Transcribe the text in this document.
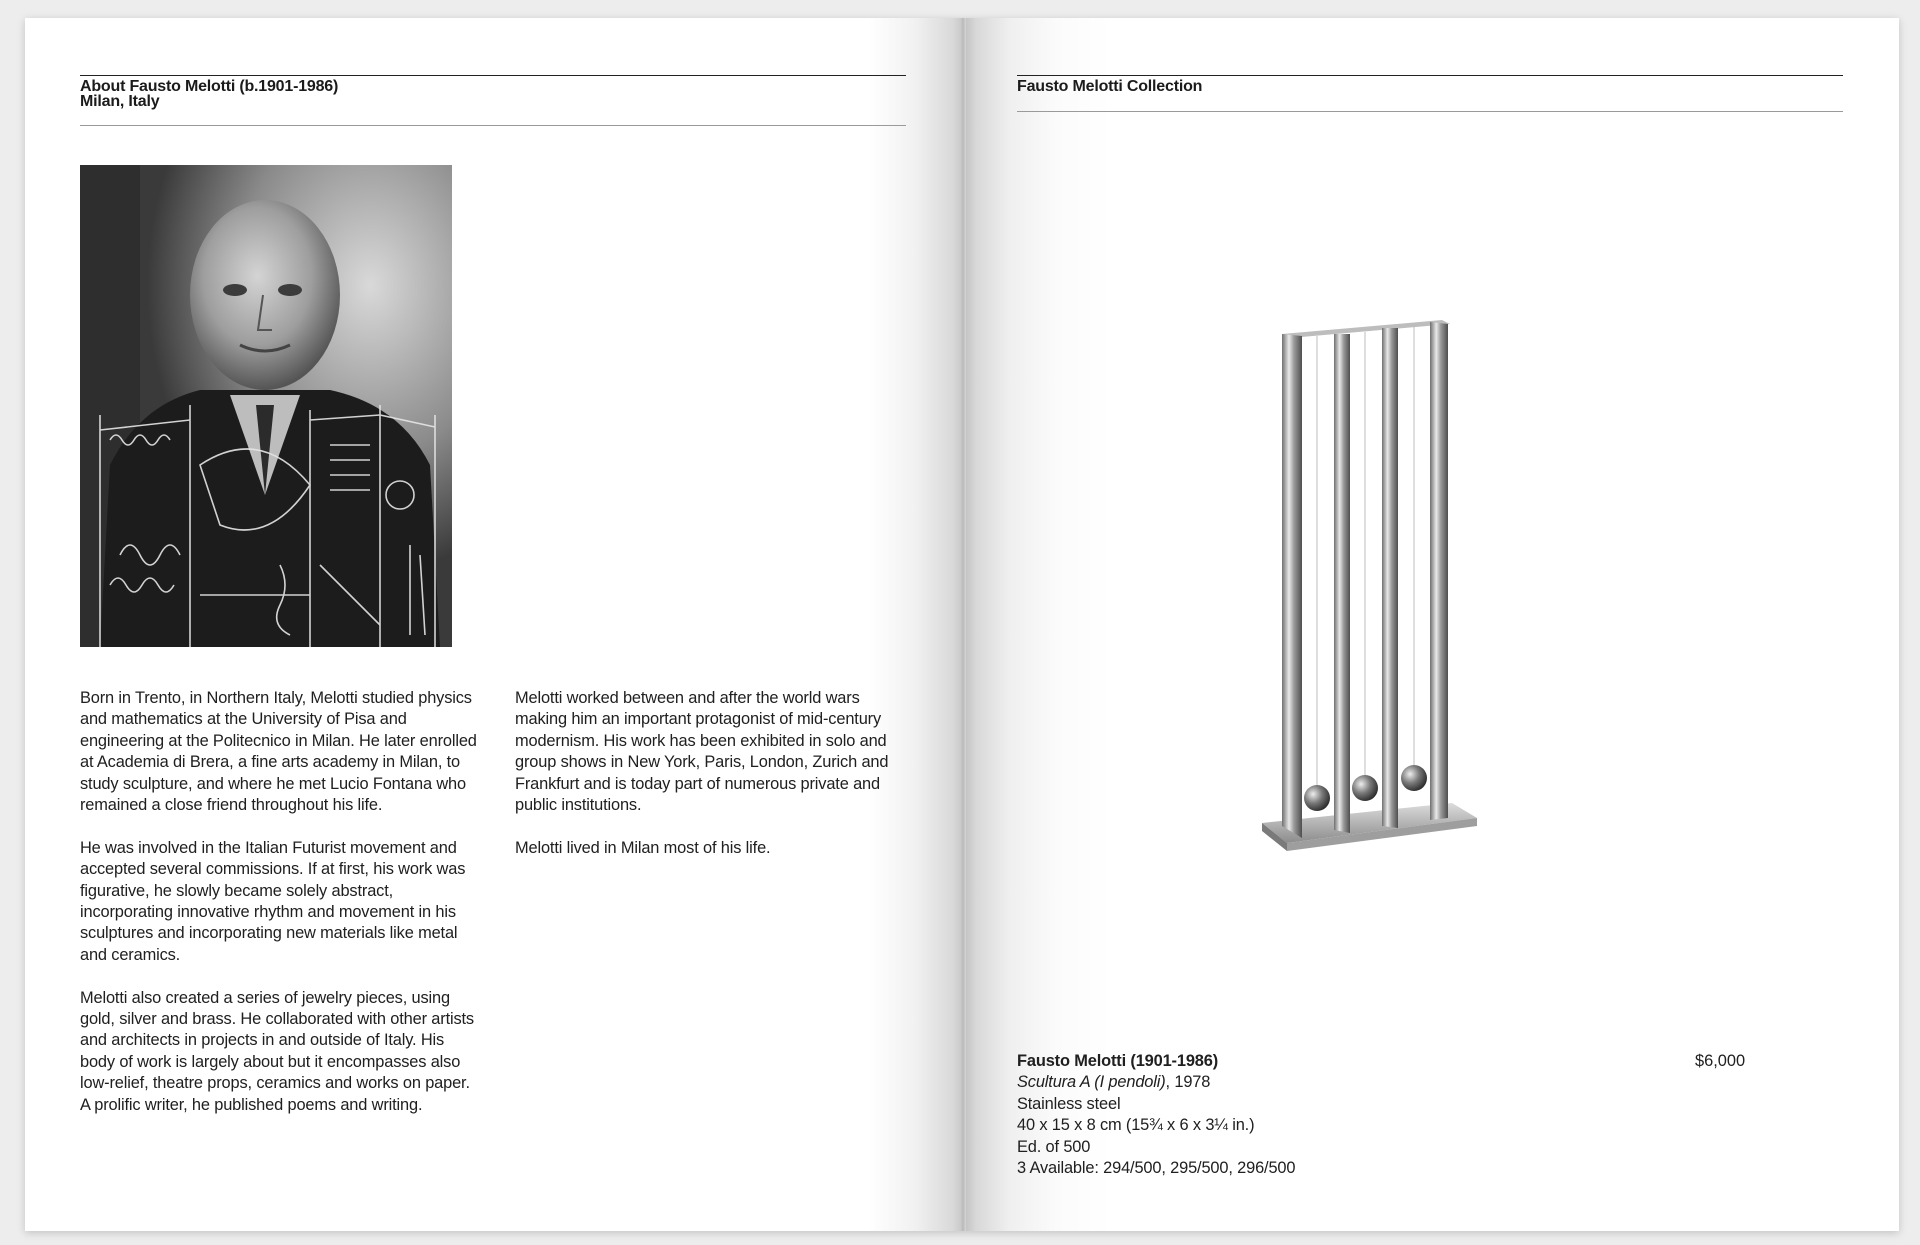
About Fausto Melotti (b.1901-1986)
Milan, Italy

Born in Trento, in Northern Italy, Melotti studied physics and mathematics at the University of Pisa and engineering at the Politecnico in Milan. He later enrolled at Academia di Brera, a fine arts academy in Milan, to study sculpture, and where he met Lucio Fontana who remained a close friend throughout his life.

He was involved in the Italian Futurist movement and accepted several commissions. If at first, his work was figurative, he slowly became solely abstract, incorporating innovative rhythm and movement in his sculptures and incorporating new materials like metal and ceramics.

Melotti also created a series of jewelry pieces, using gold, silver and brass. He collaborated with other artists and architects in projects in and outside of Italy. His body of work is largely about but it encompasses also low-relief, theatre props, ceramics and works on paper. A prolific writer, he published poems and writing.

Melotti worked between and after the world wars making him an important protagonist of mid-century modernism. His work has been exhibited in solo and group shows in New York, Paris, London, Zurich and Frankfurt and is today part of numerous private and public institutions.

Melotti lived in Milan most of his life.

Fausto Melotti Collection
Fausto Melotti (1901-1986)
Scultura A (I pendoli), 1978
Stainless steel
40 x 15 x 8 cm (15¾ x 6 x 3¼ in.)
Ed. of 500
3 Available: 294/500, 295/500, 296/500
$6,000
